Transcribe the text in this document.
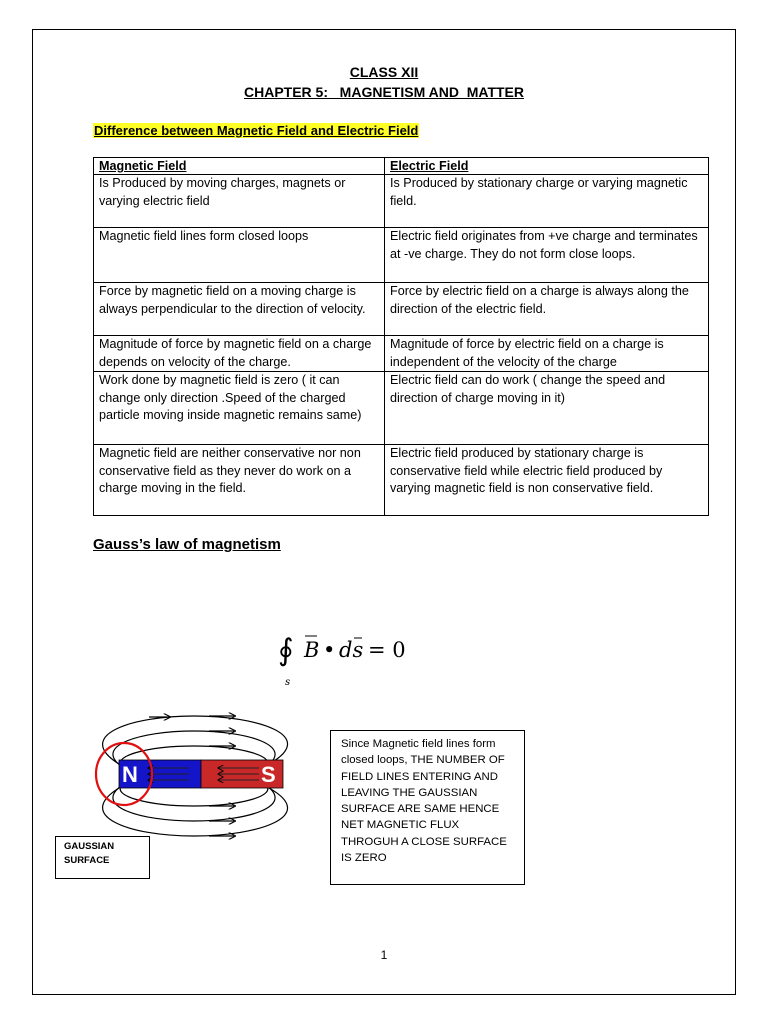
CLASS XII
CHAPTER 5:   MAGNETISM AND  MATTER
Difference between Magnetic Field and Electric Field
Magnetic Field	Electric Field
Is Produced by moving charges, magnets or varying electric field	Is Produced by stationary charge or varying magnetic field.
Magnetic field lines form closed loops	Electric field originates from +ve charge and terminates at -ve charge. They do not form close loops.
Force by magnetic field on a moving charge is always perpendicular to the direction of velocity.	Force by electric field on a charge is always along the direction of the electric field.
Magnitude of force by magnetic field on a charge depends on velocity of the charge.	Magnitude of force by electric field on a charge is independent of the velocity of the charge
Work done by magnetic field is zero ( it can change only direction .Speed of the charged particle moving inside magnetic remains same)	Electric field can do work ( change the speed and direction of charge moving in it)
Magnetic field are neither conservative nor non conservative field as they never do work on a charge moving in the field.	Electric field produced by stationary charge is conservative field while electric field produced by varying magnetic field is non conservative field.
Gauss’s law of magnetism
∮
s
B • ds = 0
N	S
Since Magnetic field lines form closed loops, THE NUMBER OF FIELD LINES ENTERING AND LEAVING THE GAUSSIAN SURFACE ARE SAME HENCE NET MAGNETIC FLUX THROGUH A CLOSE SURFACE IS ZERO
GAUSSIAN SURFACE
1
